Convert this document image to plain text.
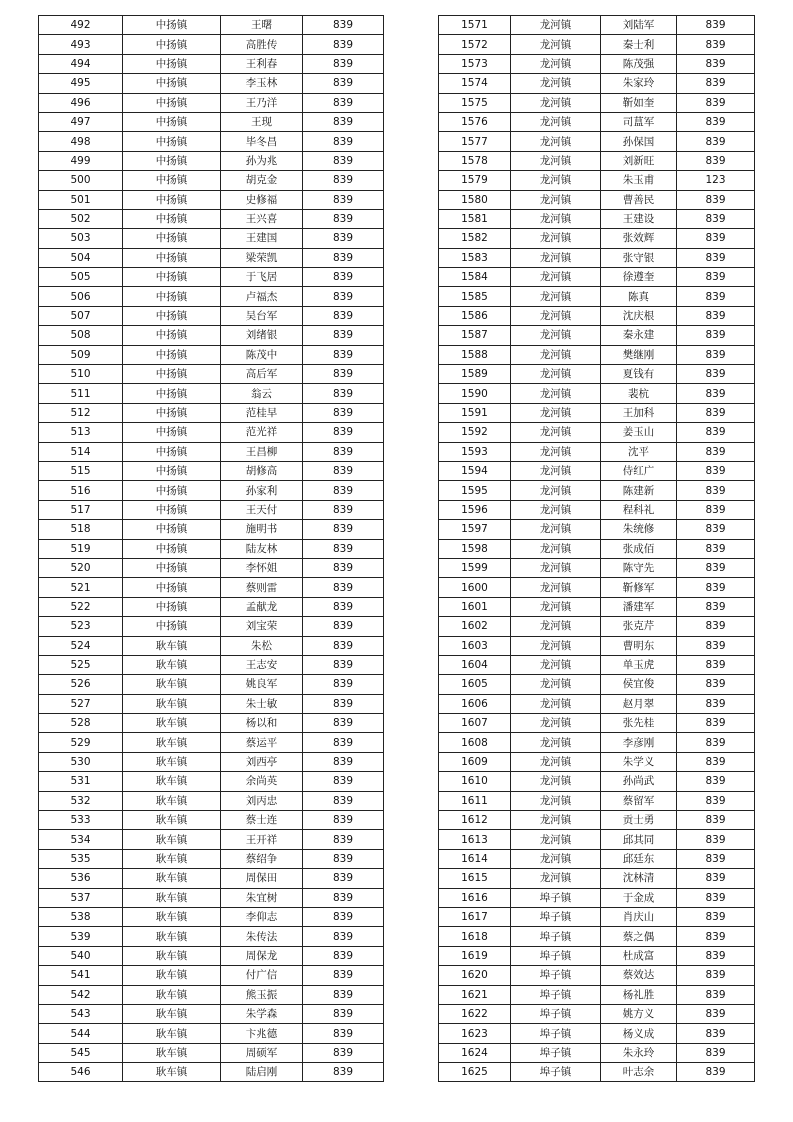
492	中扬镇	王曙	839
493	中扬镇	高胜传	839
494	中扬镇	王利春	839
495	中扬镇	李玉林	839
496	中扬镇	王乃洋	839
497	中扬镇	王现	839
498	中扬镇	毕冬昌	839
499	中扬镇	孙为兆	839
500	中扬镇	胡克金	839
501	中扬镇	史修福	839
502	中扬镇	王兴喜	839
503	中扬镇	王建国	839
504	中扬镇	梁荣凯	839
505	中扬镇	于飞居	839
506	中扬镇	卢福杰	839
507	中扬镇	吴台军	839
508	中扬镇	刘绪银	839
509	中扬镇	陈茂中	839
510	中扬镇	高后军	839
511	中扬镇	翁云	839
512	中扬镇	范桂早	839
513	中扬镇	范光祥	839
514	中扬镇	王昌柳	839
515	中扬镇	胡修高	839
516	中扬镇	孙家利	839
517	中扬镇	王天付	839
518	中扬镇	施明书	839
519	中扬镇	陆友林	839
520	中扬镇	李怀姐	839
521	中扬镇	蔡则雷	839
522	中扬镇	孟献龙	839
523	中扬镇	刘宝荣	839
524	耿车镇	朱松	839
525	耿车镇	王志安	839
526	耿车镇	姚良军	839
527	耿车镇	朱士敏	839
528	耿车镇	杨以和	839
529	耿车镇	蔡运平	839
530	耿车镇	刘西亭	839
531	耿车镇	余尚英	839
532	耿车镇	刘丙忠	839
533	耿车镇	蔡士连	839
534	耿车镇	王开祥	839
535	耿车镇	蔡绍争	839
536	耿车镇	周保田	839
537	耿车镇	朱宜树	839
538	耿车镇	李仰志	839
539	耿车镇	朱传法	839
540	耿车镇	周保龙	839
541	耿车镇	付广信	839
542	耿车镇	熊玉振	839
543	耿车镇	朱学森	839
544	耿车镇	卞兆德	839
545	耿车镇	周硕军	839
546	耿车镇	陆启刚	839
1571	龙河镇	刘陆军	839
1572	龙河镇	秦士利	839
1573	龙河镇	陈茂强	839
1574	龙河镇	朱家玲	839
1575	龙河镇	靳如奎	839
1576	龙河镇	司蒀军	839
1577	龙河镇	孙保国	839
1578	龙河镇	刘新旺	839
1579	龙河镇	朱玉甫	123
1580	龙河镇	曹善民	839
1581	龙河镇	王建设	839
1582	龙河镇	张效辉	839
1583	龙河镇	张守银	839
1584	龙河镇	徐遵奎	839
1585	龙河镇	陈真	839
1586	龙河镇	沈庆根	839
1587	龙河镇	秦永建	839
1588	龙河镇	樊继刚	839
1589	龙河镇	夏钱有	839
1590	龙河镇	裴杭	839
1591	龙河镇	王加科	839
1592	龙河镇	姜玉山	839
1593	龙河镇	沈平	839
1594	龙河镇	侍红广	839
1595	龙河镇	陈建新	839
1596	龙河镇	程科礼	839
1597	龙河镇	朱统修	839
1598	龙河镇	张成佰	839
1599	龙河镇	陈守先	839
1600	龙河镇	靳修军	839
1601	龙河镇	潘建军	839
1602	龙河镇	张克芹	839
1603	龙河镇	曹明东	839
1604	龙河镇	单玉虎	839
1605	龙河镇	侯宜俊	839
1606	龙河镇	赵月翠	839
1607	龙河镇	张先桂	839
1608	龙河镇	李彦刚	839
1609	龙河镇	朱学义	839
1610	龙河镇	孙尚武	839
1611	龙河镇	蔡留军	839
1612	龙河镇	贡士勇	839
1613	龙河镇	邱其同	839
1614	龙河镇	邱廷东	839
1615	龙河镇	沈林清	839
1616	埠子镇	于金成	839
1617	埠子镇	肖庆山	839
1618	埠子镇	蔡之偶	839
1619	埠子镇	杜成富	839
1620	埠子镇	蔡效达	839
1621	埠子镇	杨礼胜	839
1622	埠子镇	姚方义	839
1623	埠子镇	杨义成	839
1624	埠子镇	朱永玲	839
1625	埠子镇	叶志余	839
